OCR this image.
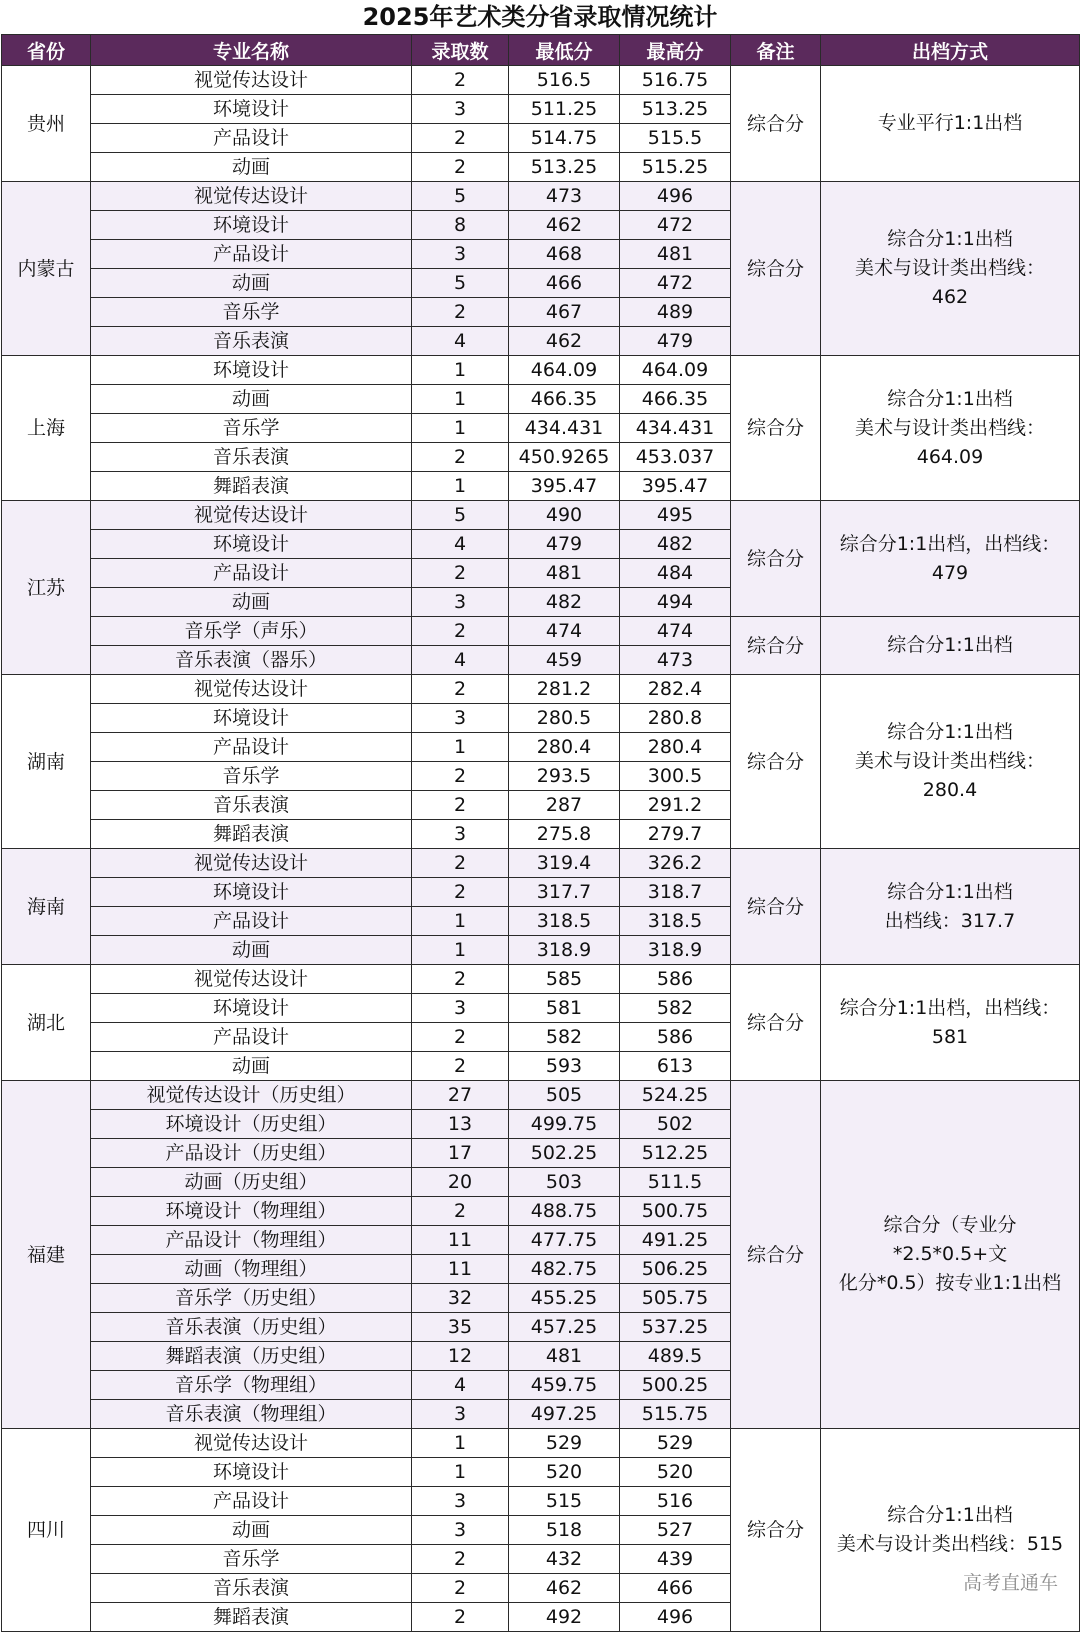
2025年艺术类分省录取情况统计
省份	专业名称	录取数	最低分	最高分	备注	出档方式
贵州	视觉传达设计	2	516.5	516.75	综合分	专业平行1:1出档

	环境设计	3	511.25	513.25		
	产品设计	2	514.75	515.5		
	动画	2	513.25	515.25		
内蒙古	视觉传达设计	5	473	496	综合分	综合分1:1出档
美术与设计类出档线：
462

	环境设计	8	462	472		
	产品设计	3	468	481		
	动画	5	466	472		
	音乐学	2	467	489		
	音乐表演	4	462	479		
上海	环境设计	1	464.09	464.09	综合分	综合分1:1出档
美术与设计类出档线：
464.09

	动画	1	466.35	466.35		
	音乐学	1	434.431	434.431		
	音乐表演	2	450.9265	453.037		
	舞蹈表演	1	395.47	395.47		
江苏	视觉传达设计	5	490	495	综合分	综合分1:1出档，出档线：
479

	环境设计	4	479	482		
	产品设计	2	481	484		
	动画	3	482	494		
	音乐学（声乐）	2	474	474	综合分	综合分1:1出档

	音乐表演（器乐）	4	459	473		
湖南	视觉传达设计	2	281.2	282.4	综合分	综合分1:1出档
美术与设计类出档线：
280.4

	环境设计	3	280.5	280.8		
	产品设计	1	280.4	280.4		
	音乐学	2	293.5	300.5		
	音乐表演	2	287	291.2		
	舞蹈表演	3	275.8	279.7		
海南	视觉传达设计	2	319.4	326.2	综合分	综合分1:1出档
出档线：317.7

	环境设计	2	317.7	318.7		
	产品设计	1	318.5	318.5		
	动画	1	318.9	318.9		
湖北	视觉传达设计	2	585	586	综合分	综合分1:1出档，出档线：
581

	环境设计	3	581	582		
	产品设计	2	582	586		
	动画	2	593	613		
福建	视觉传达设计（历史组）	27	505	524.25	综合分	综合分（专业分*2.5*0.5+文
化分*0.5）按专业1:1出档

	环境设计（历史组）	13	499.75	502		
	产品设计（历史组）	17	502.25	512.25		
	动画（历史组）	20	503	511.5		
	环境设计（物理组）	2	488.75	500.75		
	产品设计（物理组）	11	477.75	491.25		
	动画（物理组）	11	482.75	506.25		
	音乐学（历史组）	32	455.25	505.75		
	音乐表演（历史组）	35	457.25	537.25		
	舞蹈表演（历史组）	12	481	489.5		
	音乐学（物理组）	4	459.75	500.25		
	音乐表演（物理组）	3	497.25	515.75		
四川	视觉传达设计	1	529	529	综合分	综合分1:1出档
美术与设计类出档线：515

	环境设计	1	520	520		
	产品设计	3	515	516		
	动画	3	518	527		
	音乐学	2	432	439		
	音乐表演	2	462	466		
	舞蹈表演	2	492	496		
高考直通车
